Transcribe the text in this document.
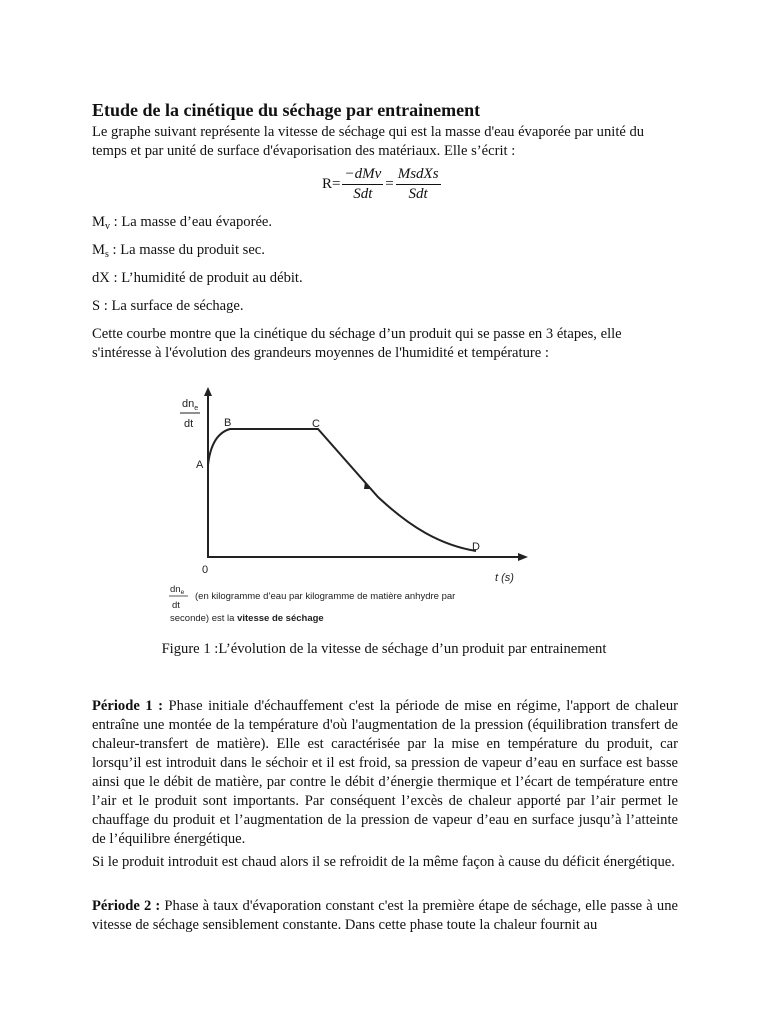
Etude de la cinétique du séchage par entrainement

Le graphe suivant représente la vitesse de séchage qui est la masse d'eau évaporée par unité du temps et par unité de surface d'évaporisation des matériaux. Elle s’écrit :

$R= \frac{\text{−dMv}}{\text{Sdt}} = \frac{\text{MsdXs}}{\text{Sdt}}$

$M_v$ : La masse d’eau évaporée.

$M_s$ : La masse du produit sec.

dX : L’humidité de produit au débit.

S : La surface de séchage.

Cette courbe montre que la cinétique du séchage d’un produit qui se passe en 3 étapes, elle s'intéresse à l'évolution des grandeurs moyennes de l'humidité et température :

$dn_e$
dt
A
B	C
D
0
t (s)
$dn_e$
dt
(en kilogramme d’eau par kilogramme de matière anhydre par
seconde) est la vitesse de séchage

Figure 1 :L’évolution de la vitesse de séchage d’un produit par entrainement

Période 1 : Phase initiale d'échauffement c'est la période de mise en régime, l'apport de chaleur entraîne une montée de la température d'où l'augmentation de la pression (équilibration transfert de chaleur-transfert de matière). Elle est caractérisée par la mise en température du produit, car lorsqu’il est introduit dans le séchoir et il est froid, sa pression de vapeur d’eau en surface est basse ainsi que le débit de matière, par contre le débit d’énergie thermique et l’écart de température entre l’air et le produit sont importants. Par conséquent l’excès de chaleur apporté par l’air permet le chauffage du produit et l’augmentation de la pression de vapeur d’eau en surface jusqu’à l’atteinte de l’équilibre énergétique.

Si le produit introduit est chaud alors il se refroidit de la même façon à cause du déficit énergétique.

Période 2 : Phase à taux d'évaporation constant c'est la première étape de séchage, elle passe à une vitesse de séchage sensiblement constante. Dans cette phase toute la chaleur fournit au
